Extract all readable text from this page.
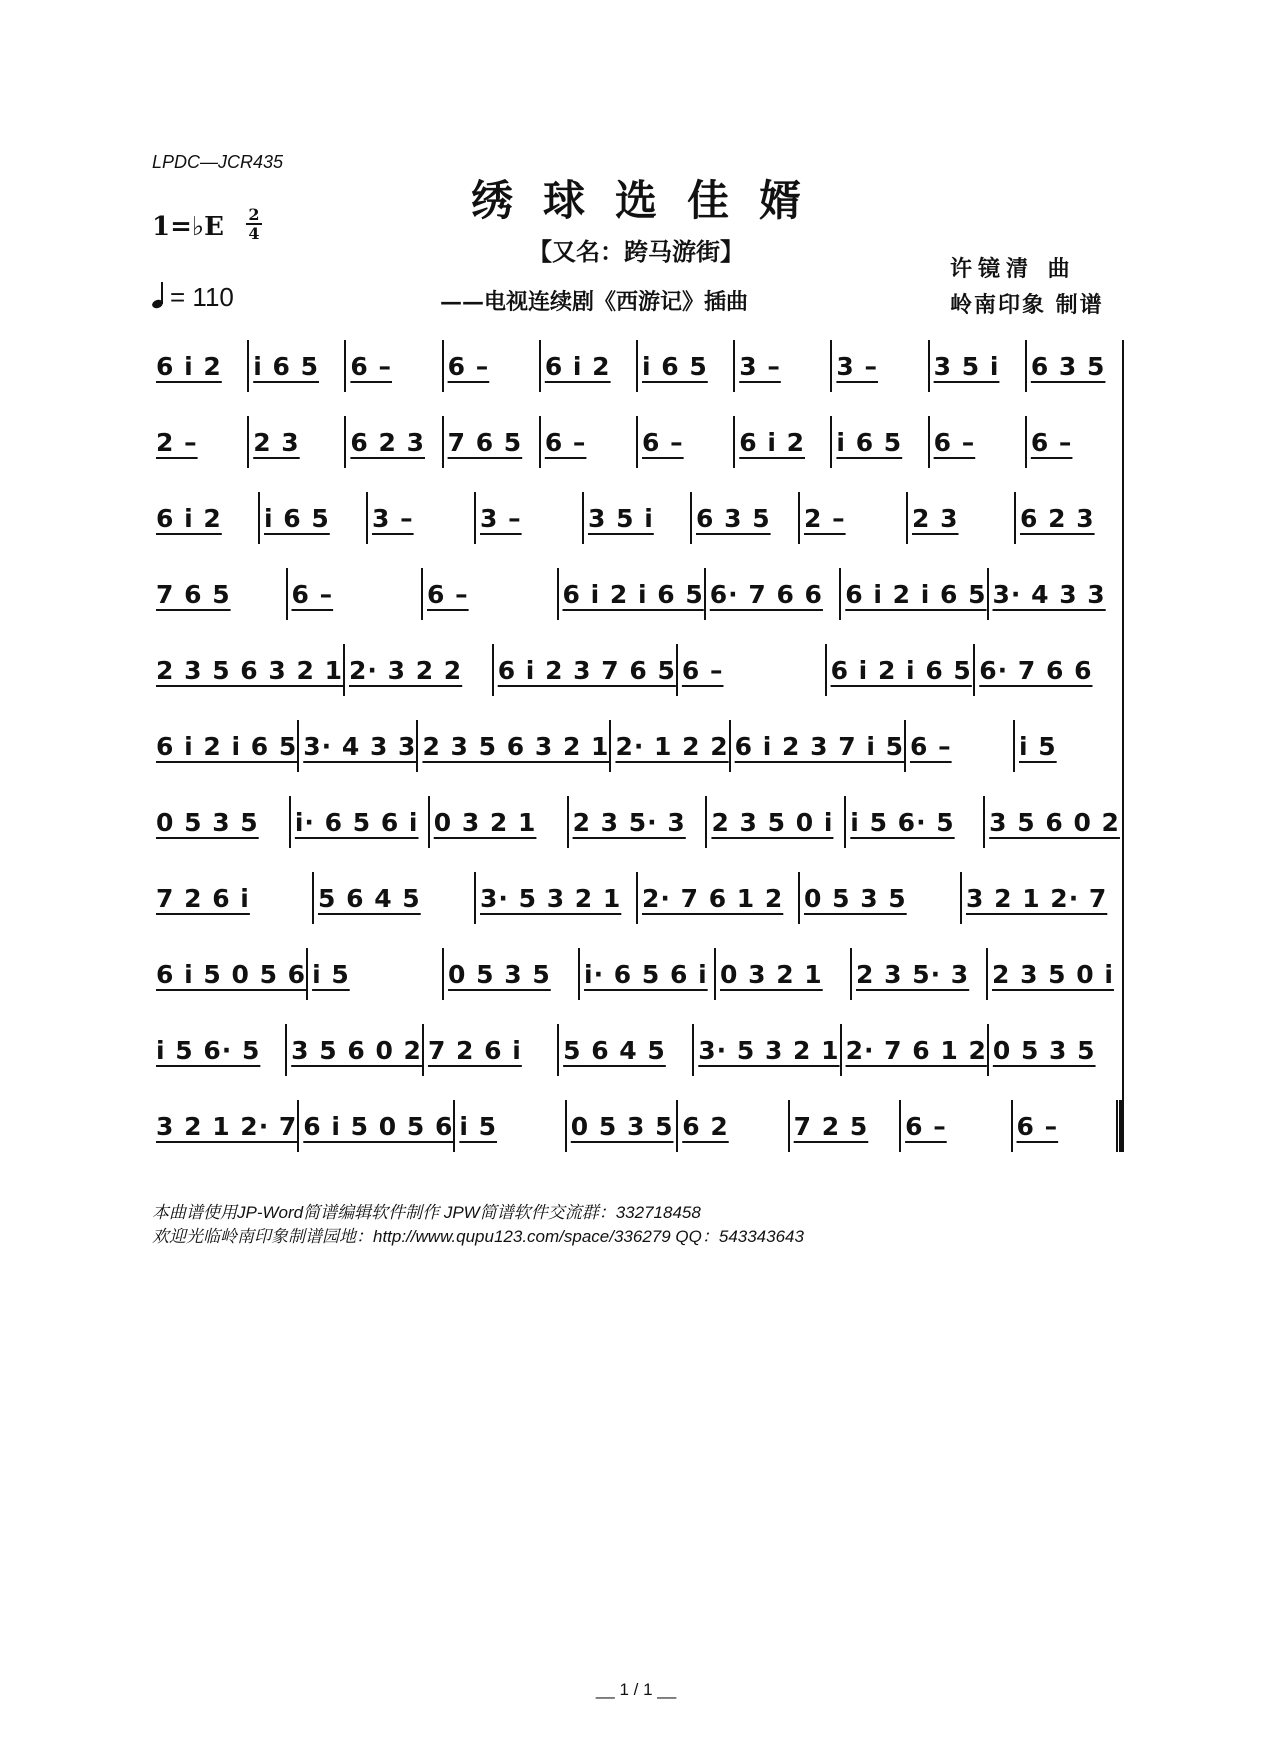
LPDC—JCR435
绣球选佳婿
【又名：跨马游街】
——电视连续剧《西游记》插曲
许镜清 曲
岭南印象 制谱
1=♭E 2
4
= 110
6 i 2 i 6 5 6 – 6 – 6 i 2 i 6 5 3 – 3 – 3 5 i 6 3 5
2 – 2 3 6 2 3 7 6 5 6 – 6 – 6 i 2 i 6 5 6 – 6 –
6 i 2 i 6 5 3 –	3 –	3 5 i 6 3 5 2 –	2 3 6 2 3
7 6 5 6 –	6 –	6 i 2 i 6 5 6· 7 6 6 6 i 2 i 6 5 3· 4 3 3
2 3 5 6 3 2 1 2· 3 2 2 6 i 2 3 7 6 5 6 –	6 i 2 i 6 5 6· 7 6 6
6 i 2 i 6 5 3· 4 3 3 2 3 5 6 3 2 1 2· 1 2 2 6 i 2 3 7 i 5 6 –	i 5
0 5 3 5 i· 6 5 6 i 0 3 2 1 2 3 5· 3 2 3 5 0 i i 5 6· 5 3 5 6 0 2
7 2 6 i	5 6 4 5 3· 5 3 2 1 2· 7 6 1 2 0 5 3 5 3 2 1 2· 7
6 i 5 0 5 6 i 5	0 5 3 5 i· 6 5 6 i 0 3 2 1 2 3 5· 3 2 3 5 0 i
i 5 6· 5 3 5 6 0 2 7 2 6 i 5 6 4 5 3· 5 3 2 1 2· 7 6 1 2 0 5 3 5
3 2 1 2· 7 6 i 5 0 5 6 i 5	0 5 3 5 6 2	7 2 5 6 –	6 –
本曲谱使用JP-Word简谱编辑软件制作 JPW简谱软件交流群：332718458
欢迎光临岭南印象制谱园地：http://www.qupu123.com/space/336279 QQ：543343643
__ 1 / 1 __
